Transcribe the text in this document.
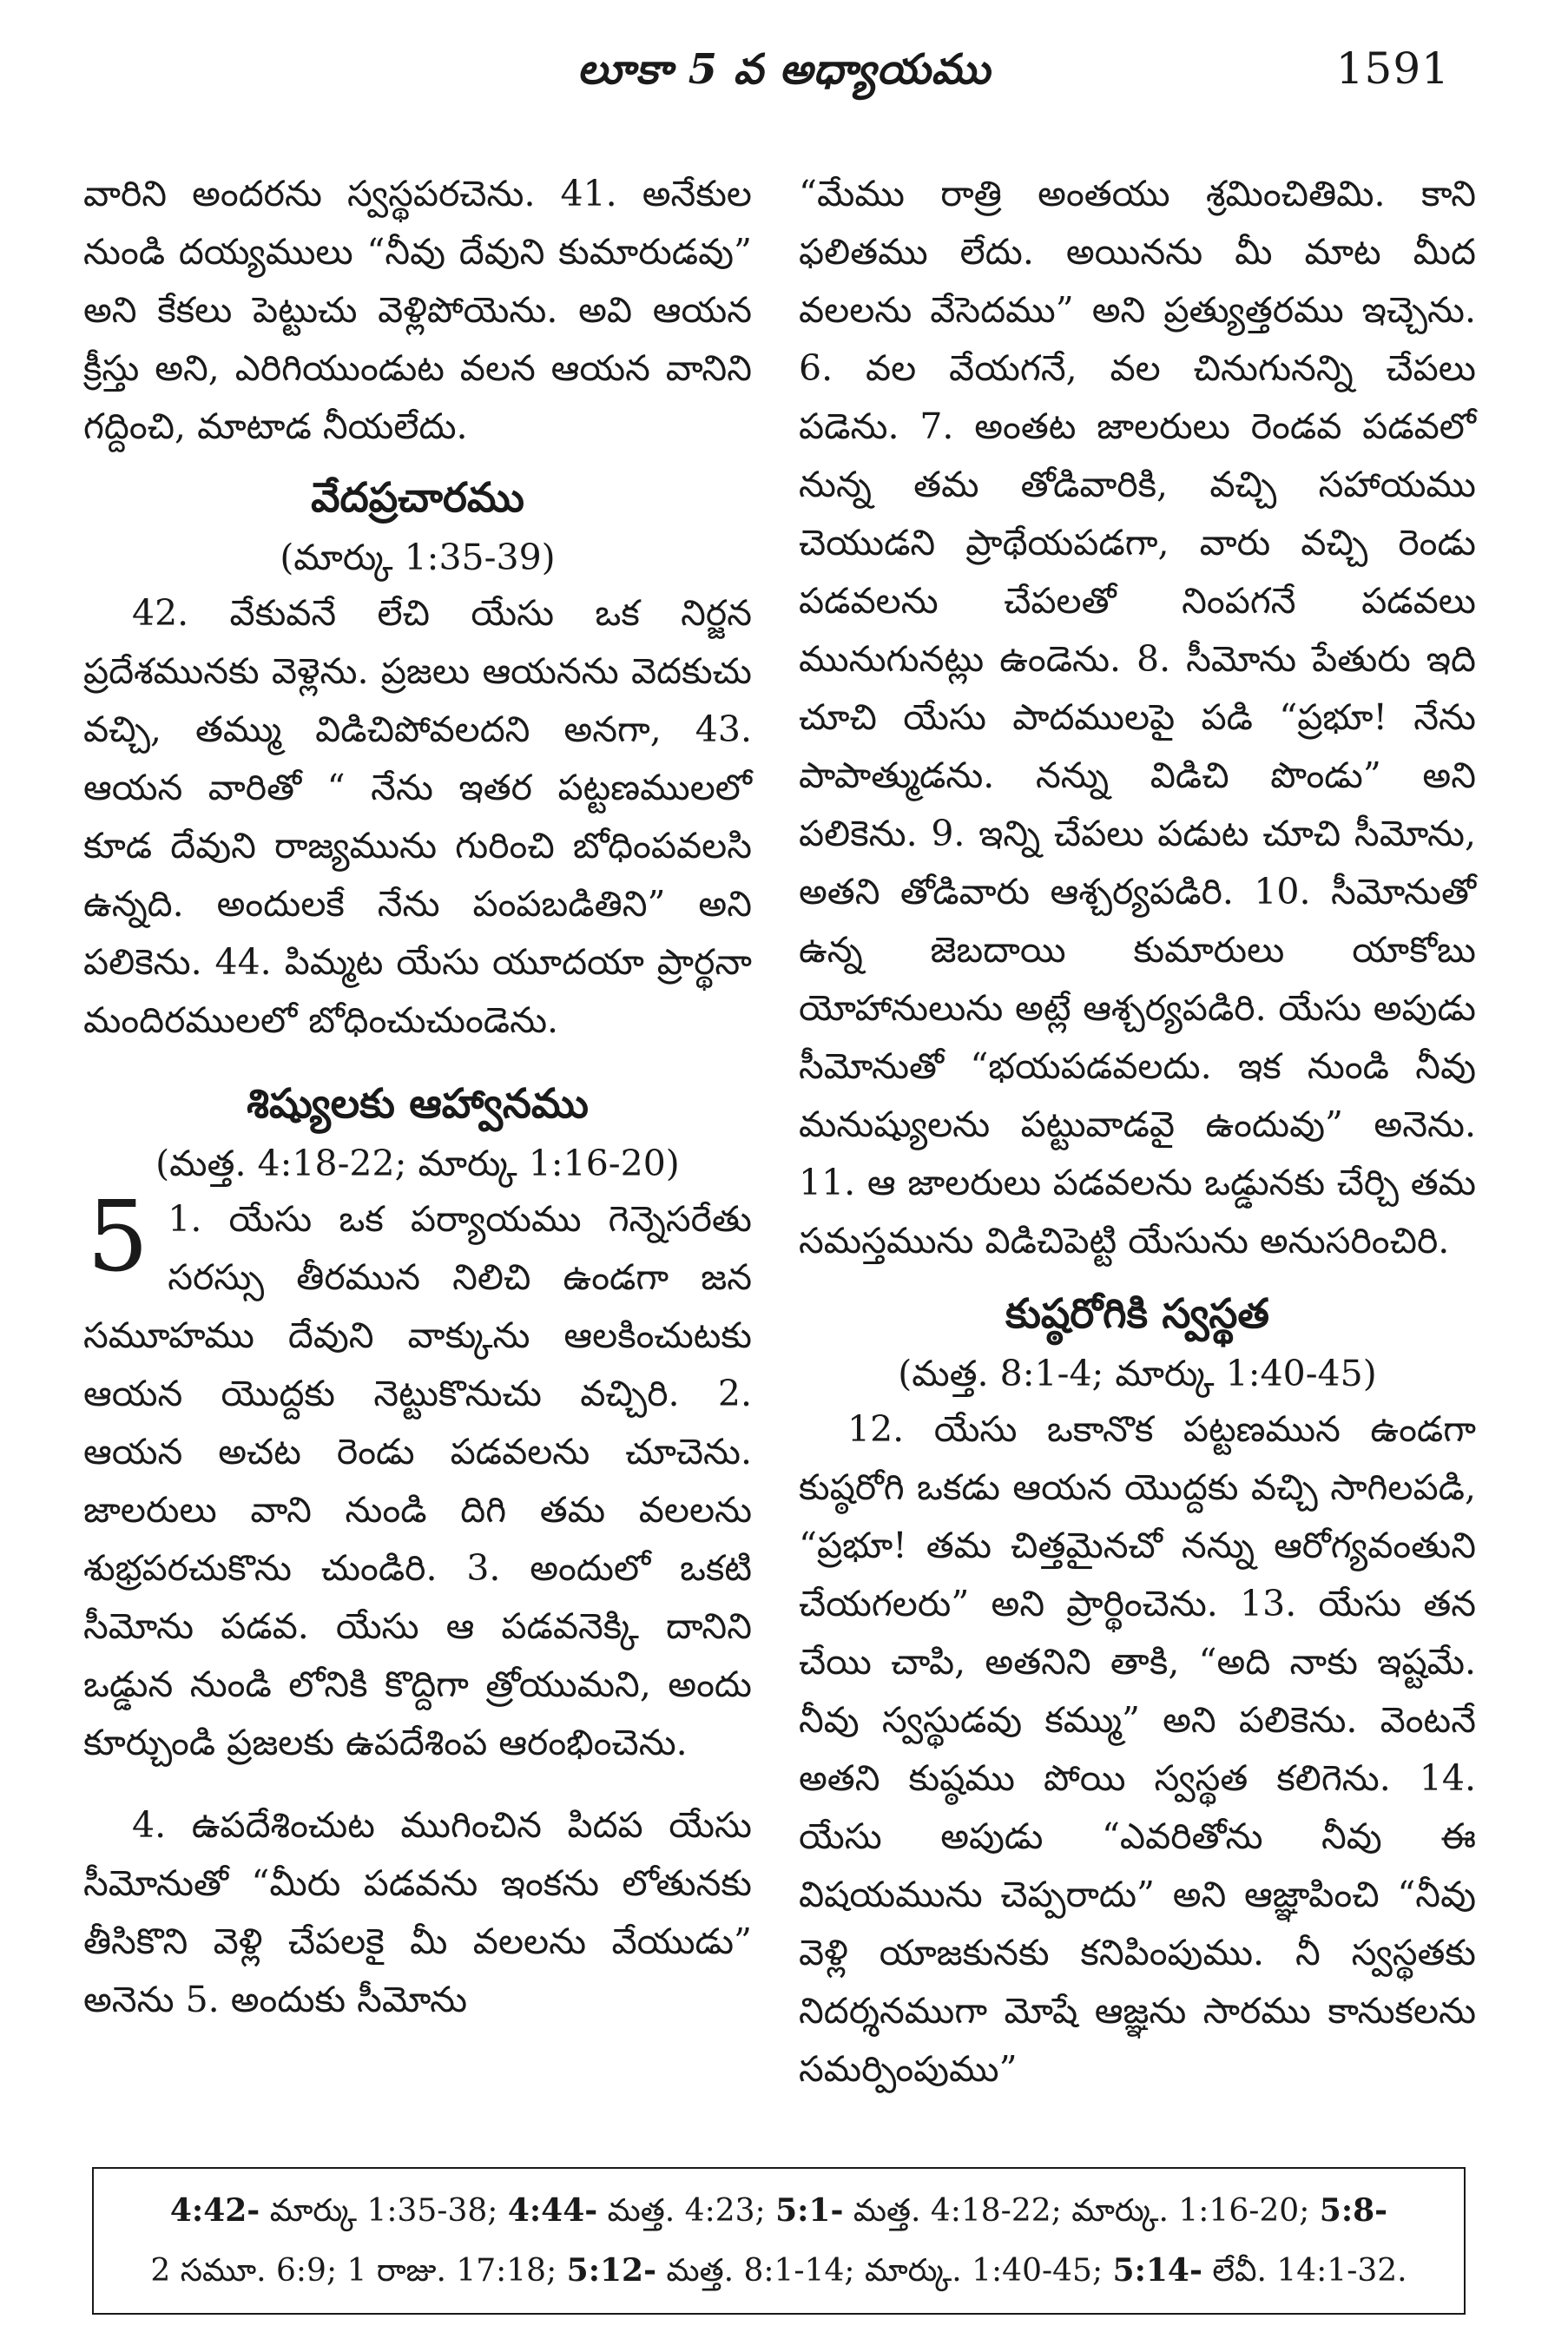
లూకా 5 వ అధ్యాయము	1591

వారిని అందరను స్వస్థపరచెను. 41. అనేకుల నుండి దయ్యములు “నీవు దేవుని కుమారుడవు” అని కేకలు పెట్టుచు వెళ్లిపోయెను. అవి ఆయన క్రీస్తు అని, ఎరిగియుండుట వలన ఆయన వానిని గద్దించి, మాటాడ నీయలేదు.

వేదప్రచారము
(మార్కు 1:35-39)

42. వేకువనే లేచి యేసు ఒక నిర్జన ప్రదేశమునకు వెళ్లెను. ప్రజలు ఆయనను వెదకుచు వచ్చి, తమ్ము విడిచిపోవలదని అనగా, 43. ఆయన వారితో “ నేను ఇతర పట్టణములలో కూడ దేవుని రాజ్యమును గురించి బోధింపవలసి ఉన్నది. అందులకే నేను పంపబడితిని” అని పలికెను. 44. పిమ్మట యేసు యూదయా ప్రార్థనా మందిరములలో బోధించుచుండెను.

శిష్యులకు ఆహ్వానము
(మత్త. 4:18-22; మార్కు 1:16-20)

5 1. యేసు ఒక పర్యాయము గెన్నెసరేతు సరస్సు తీరమున నిలిచి ఉండగా జన సమూహము దేవుని వాక్కును ఆలకించుటకు ఆయన యొద్దకు నెట్టుకొనుచు వచ్చిరి. 2. ఆయన అచట రెండు పడవలను చూచెను. జాలరులు వాని నుండి దిగి తమ వలలను శుభ్రపరచుకొను చుండిరి. 3. అందులో ఒకటి సీమోను పడవ. యేసు ఆ పడవనెక్కి దానిని ఒడ్డున నుండి లోనికి కొద్దిగా త్రోయుమని, అందు కూర్చుండి ప్రజలకు ఉపదేశింప ఆరంభించెను.

4. ఉపదేశించుట ముగించిన పిదప యేసు సీమోనుతో “మీరు పడవను ఇంకను లోతునకు తీసికొని వెళ్లి చేపలకై మీ వలలను వేయుడు” అనెను 5. అందుకు సీమోను

“మేము రాత్రి అంతయు శ్రమించితిమి. కాని ఫలితము లేదు. అయినను మీ మాట మీద వలలను వేసెదము” అని ప్రత్యుత్తరము ఇచ్చెను. 6. వల వేయగనే, వల చినుగునన్ని చేపలు పడెను. 7. అంతట జాలరులు రెండవ పడవలో నున్న తమ తోడివారికి, వచ్చి సహాయము చెయుడని ప్రాథేయపడగా, వారు వచ్చి రెండు పడవలను చేపలతో నింపగనే పడవలు మునుగునట్లు ఉండెను. 8. సీమోను పేతురు ఇది చూచి యేసు పాదములపై పడి “ప్రభూ! నేను పాపాత్ముడను. నన్ను విడిచి పొండు” అని పలికెను. 9. ఇన్ని చేపలు పడుట చూచి సీమోను, అతని తోడివారు ఆశ్చర్యపడిరి. 10. సీమోనుతో ఉన్న జెబదాయి కుమారులు యాకోబు యోహానులును అట్లే ఆశ్చర్యపడిరి. యేసు అపుడు సీమోనుతో “భయపడవలదు. ఇక నుండి నీవు మనుష్యులను పట్టువాడవై ఉందువు” అనెను. 11. ఆ జాలరులు పడవలను ఒడ్డునకు చేర్చి తమ సమస్తమును విడిచిపెట్టి యేసును అనుసరించిరి.

కుష్ఠరోగికి స్వస్థత
(మత్త. 8:1-4; మార్కు 1:40-45)

12. యేసు ఒకానొక పట్టణమున ఉండగా కుష్ఠరోగి ఒకడు ఆయన యొద్దకు వచ్చి సాగిలపడి, “ప్రభూ! తమ చిత్తమైనచో నన్ను ఆరోగ్యవంతుని చేయగలరు” అని ప్రార్థించెను. 13. యేసు తన చేయి చాపి, అతనిని తాకి, “అది నాకు ఇష్టమే. నీవు స్వస్థుడవు కమ్ము” అని పలికెను. వెంటనే అతని కుష్ఠము పోయి స్వస్థత కలిగెను. 14. యేసు అపుడు “ఎవరితోను నీవు ఈ విషయమును చెప్పరాదు” అని ఆజ్ఞాపించి “నీవు వెళ్లి యాజకునకు కనిపింపుము. నీ స్వస్థతకు నిదర్శనముగా మోషే ఆజ్ఞను సారము కానుకలను సమర్పింపుము”

4:42- మార్కు 1:35-38; 4:44- మత్త. 4:23; 5:1- మత్త. 4:18-22; మార్కు. 1:16-20; 5:8-
2 సమూ. 6:9; 1 రాజు. 17:18; 5:12- మత్త. 8:1-14; మార్కు. 1:40-45; 5:14- లేవీ. 14:1-32.
